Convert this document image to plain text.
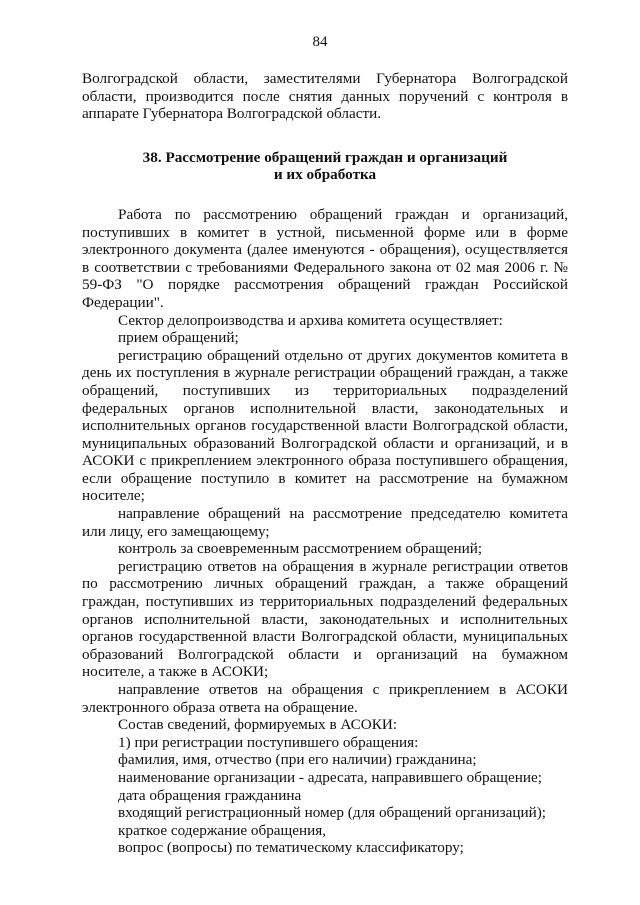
84

Волгоградской области, заместителями Губернатора Волгоградской области, производится после снятия данных поручений с контроля в аппарате Губернатора Волгоградской области.

38. Рассмотрение обращений граждан и организаций
и их обработка

Работа по рассмотрению обращений граждан и организаций, поступивших в комитет в устной, письменной форме или в форме электронного документа (далее именуются - обращения), осуществляется в соответствии с требованиями Федерального закона от 02 мая 2006 г. № 59-ФЗ "О порядке рассмотрения обращений граждан Российской Федерации".

Сектор делопроизводства и архива комитета осуществляет:

прием обращений;

регистрацию обращений отдельно от других документов комитета в день их поступления в журнале регистрации обращений граждан, а также обращений, поступивших из территориальных подразделений федеральных органов исполнительной власти, законодательных и исполнительных органов государственной власти Волгоградской области, муниципальных образований Волгоградской области и организаций, и в АСОКИ с прикреплением электронного образа поступившего обращения, если обращение поступило в комитет на рассмотрение на бумажном носителе;

направление обращений на рассмотрение председателю комитета или лицу, его замещающему;

контроль за своевременным рассмотрением обращений;

регистрацию ответов на обращения в журнале регистрации ответов по рассмотрению личных обращений граждан, а также обращений граждан, поступивших из территориальных подразделений федеральных органов исполнительной власти, законодательных и исполнительных органов государственной власти Волгоградской области, муниципальных образований Волгоградской области и организаций на бумажном носителе, а также в АСОКИ;

направление ответов на обращения с прикреплением в АСОКИ электронного образа ответа на обращение.

Состав сведений, формируемых в АСОКИ:

1) при регистрации поступившего обращения:

фамилия, имя, отчество (при его наличии) гражданина;

наименование организации - адресата, направившего обращение;

дата обращения гражданина

входящий регистрационный номер (для обращений организаций);

краткое содержание обращения,

вопрос (вопросы) по тематическому классификатору;
